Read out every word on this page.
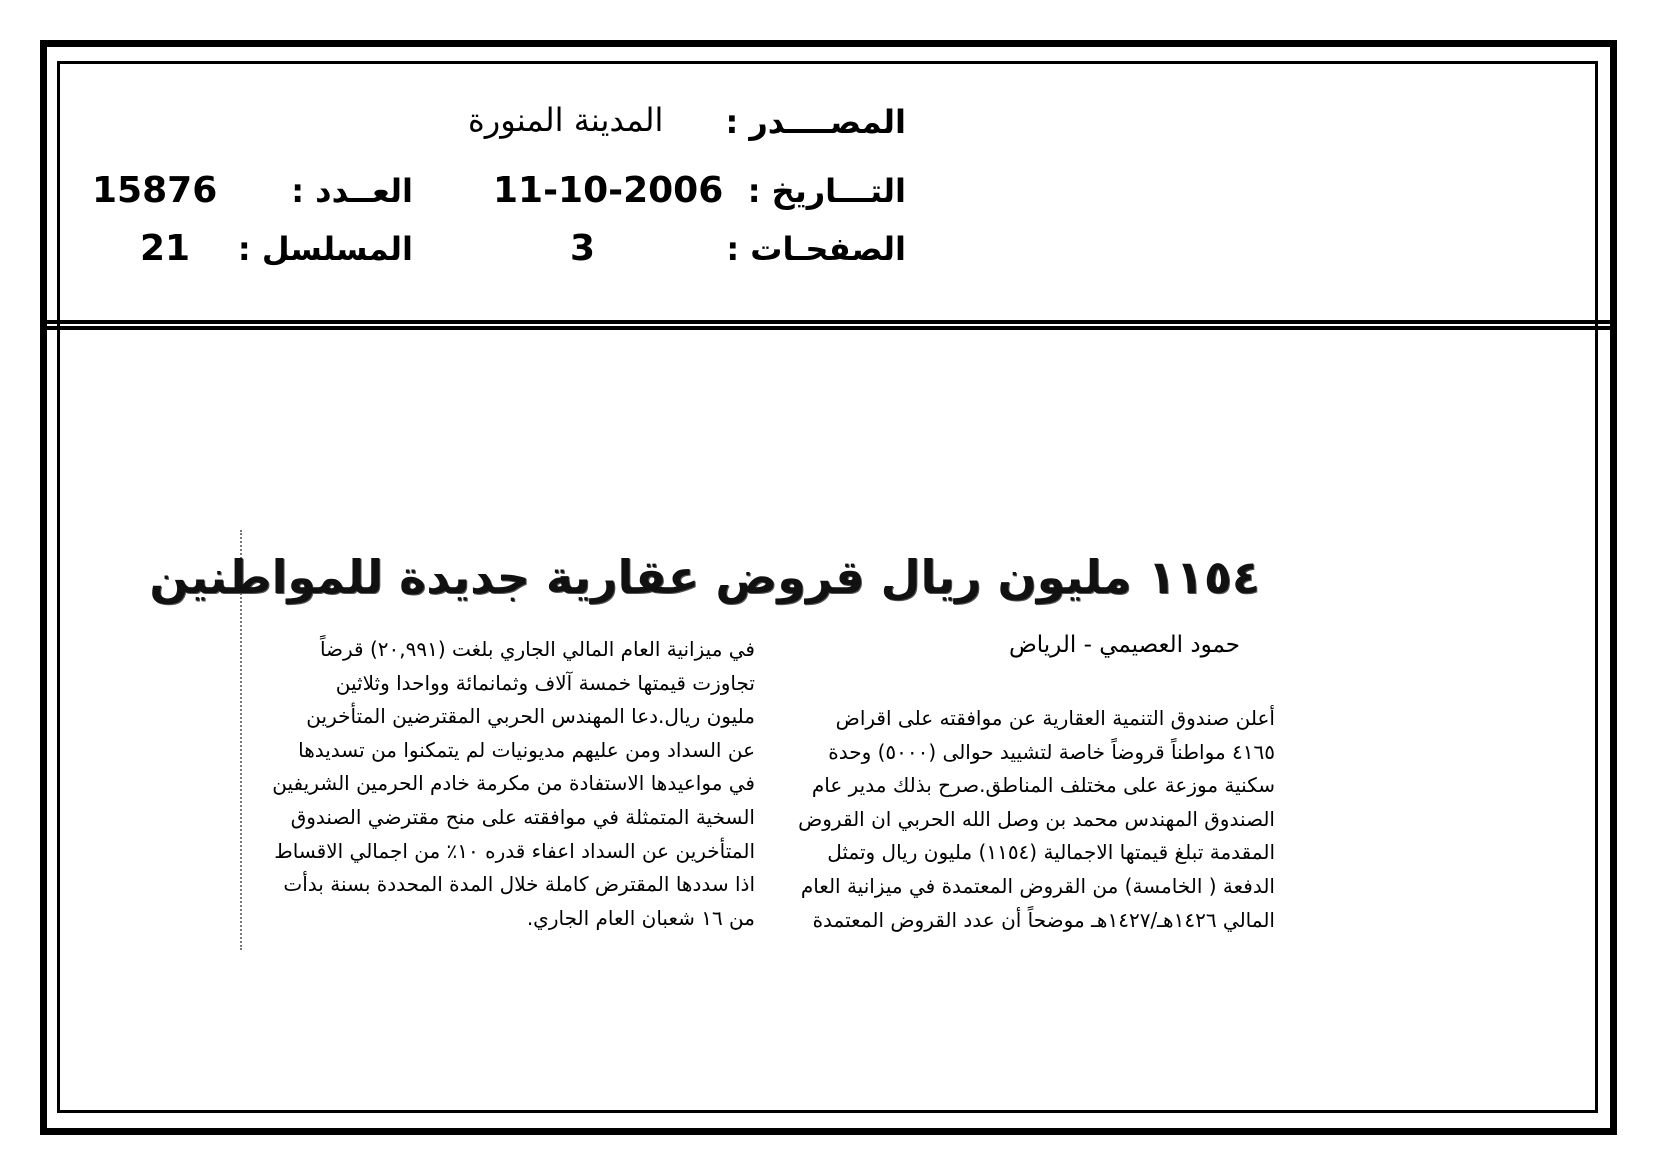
المصــــدر :
المدينة المنورة
التـــاريخ :
11-10-2006
العــدد :
15876
الصفحـات :
3
المسلسل :
21
١١٥٤ مليون ريال قروض عقارية جديدة للمواطنين
حمود العصيمي - الرياض
أعلن صندوق التنمية العقارية عن موافقته على اقراض
٤١٦٥ مواطناً قروضاً خاصة لتشييد حوالى (٥٠٠٠) وحدة
سكنية موزعة على مختلف المناطق.صرح بذلك مدير عام
الصندوق المهندس محمد بن وصل الله الحربي ان القروض
المقدمة تبلغ قيمتها الاجمالية (١١٥٤) مليون ريال وتمثل
الدفعة ( الخامسة) من القروض المعتمدة في ميزانية العام
المالي ١٤٢٦هـ/١٤٢٧هـ موضحاً أن عدد القروض المعتمدة
في ميزانية العام المالي الجاري بلغت (٢٠,٩٩١) قرضاً
تجاوزت قيمتها خمسة آلاف وثمانمائة وواحدا وثلاثين
مليون ريال.دعا المهندس الحربي المقترضين المتأخرين
عن السداد ومن عليهم مديونيات لم يتمكنوا من تسديدها
في مواعيدها الاستفادة من مكرمة خادم الحرمين الشريفين
السخية المتمثلة في موافقته على منح مقترضي الصندوق
المتأخرين عن السداد اعفاء قدره ١٠٪ من اجمالي الاقساط
اذا سددها المقترض كاملة خلال المدة المحددة بسنة بدأت
من ١٦ شعبان العام الجاري.
